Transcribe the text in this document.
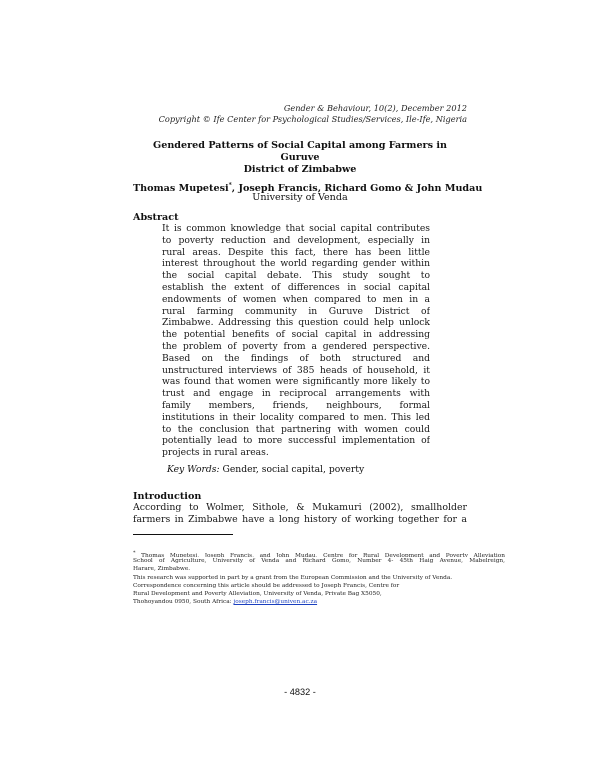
Gender & Behaviour, 10(2), December 2012
Copyright © Ife Center for Psychological Studies/Services, Ile-Ife, Nigeria
Gendered Patterns of Social Capital among Farmers in Guruve
District of Zimbabwe
Thomas Mupetesi*, Joseph Francis, Richard Gomo & John Mudau
University of Venda
Abstract
It is common knowledge that social capital contributes
to poverty reduction and development, especially in
rural areas. Despite this fact, there has been little
interest throughout the world regarding gender within
the social capital debate. This study sought to
establish the extent of differences in social capital
endowments of women when compared to men in a
rural farming community in Guruve District of
Zimbabwe. Addressing this question could help unlock
the potential benefits of social capital in addressing
the problem of poverty from a gendered perspective.
Based on the findings of both structured and
unstructured interviews of 385 heads of household, it
was found that women were significantly more likely to
trust and engage in reciprocal arrangements with
family members, friends, neighbours, formal
institutions in their locality compared to men. This led
to the conclusion that partnering with women could
potentially lead to more successful implementation of
projects in rural areas.
Key Words: Gender, social capital, poverty
Introduction
According to Wolmer, Sithole, & Mukamuri (2002), smallholder
farmers in Zimbabwe have a long history of working together for a
* Thomas Mupetesi, Joseph Francis, and John Mudau, Centre for Rural Development and Poverty Alleviation
School of Agriculture, University of Venda and Richard Gomo, Number 4- 45th Haig Avenue, Mabelreign,
Harare, Zimbabwe.
This research was supported in part by a grant from the European Commission and the University of Venda.
Correspondence concerning this article should be addressed to Joseph Francis, Centre for
Rural Development and Poverty Alleviation, University of Venda, Private Bag X5050,
Thohoyandou 0950, South Africa: joseph.francis@univen.ac.za
- 4832 -
